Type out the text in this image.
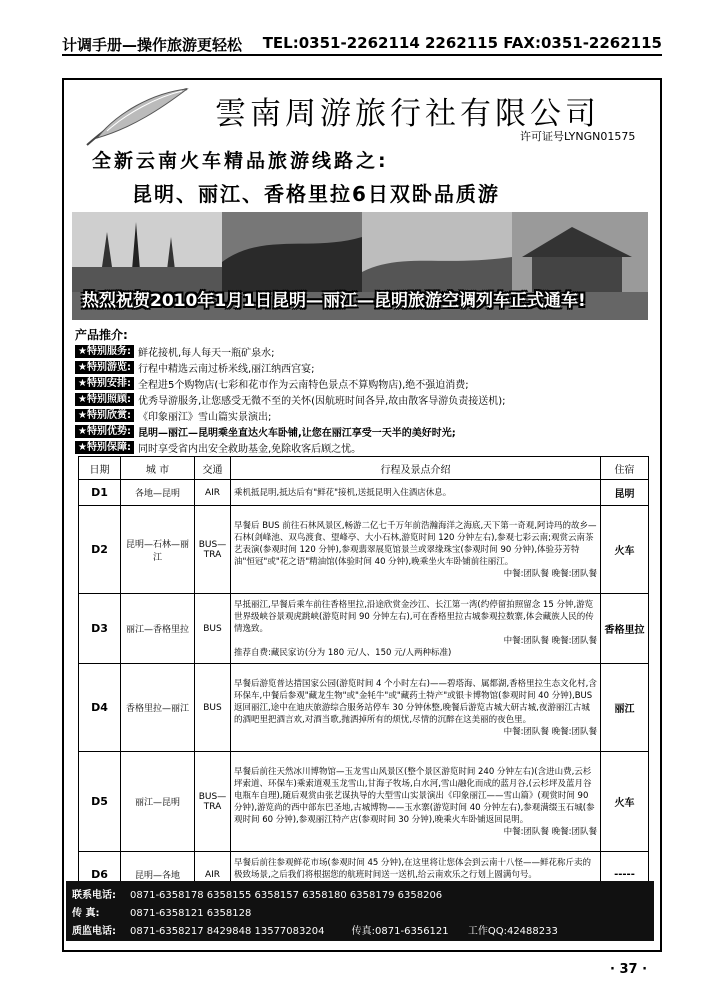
计调手册—操作旅游更轻松 TEL:0351-2262114 2262115 FAX:0351-2262115
雲南周游旅行社有限公司
许可证号LYNGN01575
全新云南火车精品旅游线路之:
昆明、丽江、香格里拉6日双卧品质游
热烈祝贺2010年1月1日昆明—丽江—昆明旅游空调列车正式通车!
产品推介:
★特别服务: 鲜花接机,每人每天一瓶矿泉水;
★特别游览: 行程中精选云南过桥米线,丽江纳西宫宴;
★特别安排: 全程进5个购物店(七彩和花市作为云南特色景点不算购物店),绝不强迫消费;
★特别照顾: 优秀导游服务,让您感受无微不至的关怀(因航班时间各异,故由散客导游负责接送机);
★特别欣赏: 《印象丽江》雪山篇实景演出;
★特别优势: 昆明—丽江—昆明乘坐直达火车卧铺,让您在丽江享受一天半的美好时光;
★特别保障: 同时享受省内出安全救助基金,免除收客后顾之忧。
日期	城 市	交通	行程及景点介绍	住宿
D1	各地—昆明	AIR	乘机抵昆明,抵达后有"鲜花"接机,送抵昆明入住酒店休息。	昆明
D2	昆明—石林—丽江	BUS—TRA	早餐后 BUS 前往石林风景区,畅游二亿七千万年前浩瀚海洋之海底,天下第一奇观,阿诗玛的故乡—石林(剑峰池、双鸟渡食、望峰亭、大小石林,游览时间 120 分钟左右),参观七彩云南;观赏云南茶艺表演(参观时间 120 分钟),参观翡翠展览馆景兰或翠缘珠宝(参观时间 90 分钟),体验芬芳特油"恒冠"或"花之语"精油馆(体验时间 40 分钟),晚乘坐火车卧铺前往丽江。
中餐:团队餐 晚餐:团队餐	火车
D3	丽江—香格里拉	BUS	早抵丽江,早餐后乘车前往香格里拉,沿途欣赏金沙江、长江第一湾(约停留拍照留念 15 分钟,游览世界级峡谷景观虎跳峡(游览时间 90 分钟左右),可在香格里拉古城参观拉数寨,体会藏族人民的传情逸致。
中餐:团队餐 晚餐:团队餐
推荐自费:藏民家访(分为 180 元/人、150 元/人两种标准)	香格里拉
D4	香格里拉—丽江	BUS	早餐后游览普达措国家公园(游览时间 4 个小时左右)——碧塔海、属都湖,香格里拉生态文化村,含环保车,中餐后参观"藏龙生物"或"金牦牛"或"藏药土特产"或银卡博物馆(参观时间 40 分钟),BUS 返回丽江,途中在迪庆旅游综合服务站停车 30 分钟休整,晚餐后游览古城大研古城,夜游丽江古城的酒吧里把酒言欢,对酒当歌,抛洒掉所有的烦忧,尽情的沉醉在这美丽的夜色里。
中餐:团队餐 晚餐:团队餐	丽江
D5	丽江—昆明	BUS—TRA	早餐后前往天然冰川博物馆—玉龙雪山风景区(整个景区游览时间 240 分钟左右)(含进山费,云杉坪索道、环保车)乘索道观玉龙雪山,甘海子牧场,白水河,雪山融化而成的蓝月谷,(云杉坪及蓝月谷电瓶车自理),随后观赏由张艺谋执导的大型雪山实景演出《印象丽江——雪山篇》(观赏时间 90 分钟),游览尚的西中部东巴圣地,古城博物——玉水寨(游览时间 40 分钟左右),参观满缀玉石城(参观时间 60 分钟),参观丽江特产店(参观时间 30 分钟),晚乘火车卧铺返回昆明。
中餐:团队餐 晚餐:团队餐	火车
D6	昆明—各地	AIR	早餐后前往参观鲜花市场(参观时间 45 分钟),在这里将让您体会到云南十八怪——鲜花称斤卖的极致场景,之后我们将根据您的航班时间送一送机,给云南欢乐之行划上圆满句号。	-----
联系电话: 0871-6358178 6358155 6358157 6358180 6358179 6358206
传 真:	0871-6358121 6358128
质监电话: 0871-6358217 8429848 13577083204	传真:0871-6356121 工作QQ:42488233
· 37 ·
